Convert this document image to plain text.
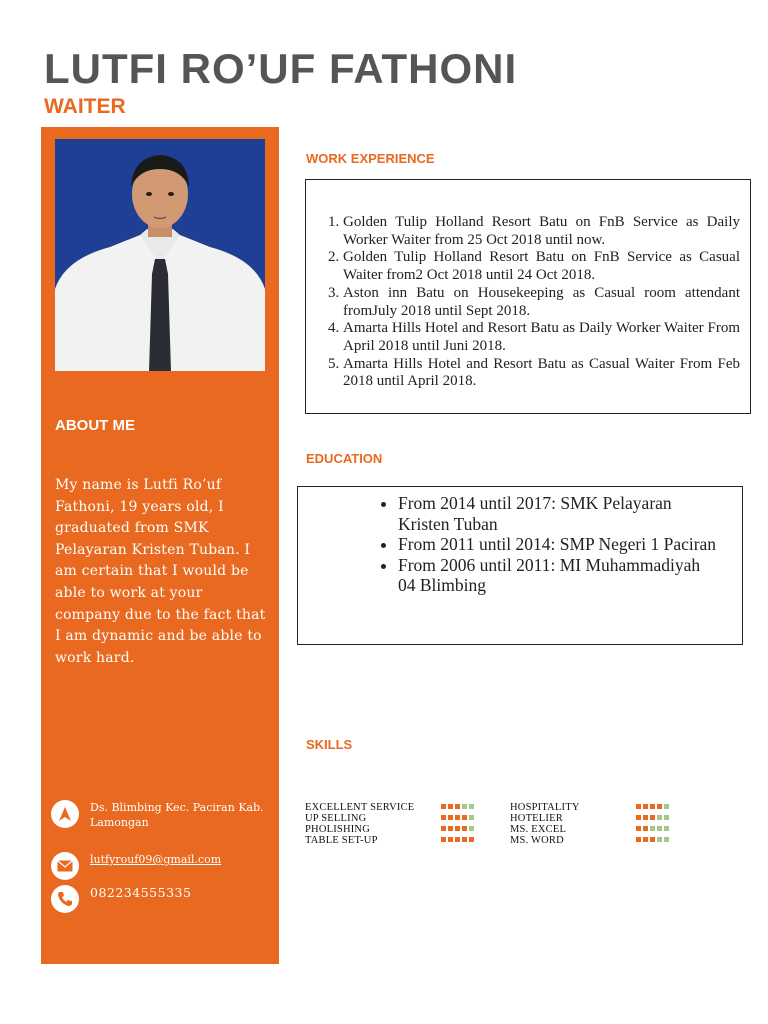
LUTFI RO’UF FATHONI
WAITER
ABOUT ME

My name is Lutfi Ro’uf Fathoni, 19 years old, I graduated from SMK Pelayaran Kristen Tuban. I am certain that I would be able to work at your company due to the fact that I am dynamic and be able to work hard.

Ds. Blimbing Kec. Paciran Kab. Lamongan
lutfyrouf09@gmail.com
082234555335
WORK EXPERIENCE
1. Golden Tulip Holland Resort Batu on FnB Service as Daily Worker Waiter from 25 Oct 2018 until now.
2. Golden Tulip Holland Resort Batu on FnB Service as Casual Waiter from2 Oct 2018 until 24 Oct 2018.
3. Aston inn Batu on Housekeeping as Casual room attendant fromJuly 2018 until Sept 2018.
4. Amarta Hills Hotel and Resort Batu as Daily Worker Waiter From April 2018 until Juni 2018.
5. Amarta Hills Hotel and Resort Batu as Casual Waiter From Feb 2018 until April 2018.
EDUCATION
• From 2014 until 2017: SMK Pelayaran Kristen Tuban
• From 2011 until 2014: SMP Negeri 1 Paciran
• From 2006 until 2011: MI Muhammadiyah 04 Blimbing
SKILLS
EXCELLENT SERVICE
UP SELLING
PHOLISHING
TABLE SET-UP
HOSPITALITY
HOTELIER
MS. EXCEL
MS. WORD
